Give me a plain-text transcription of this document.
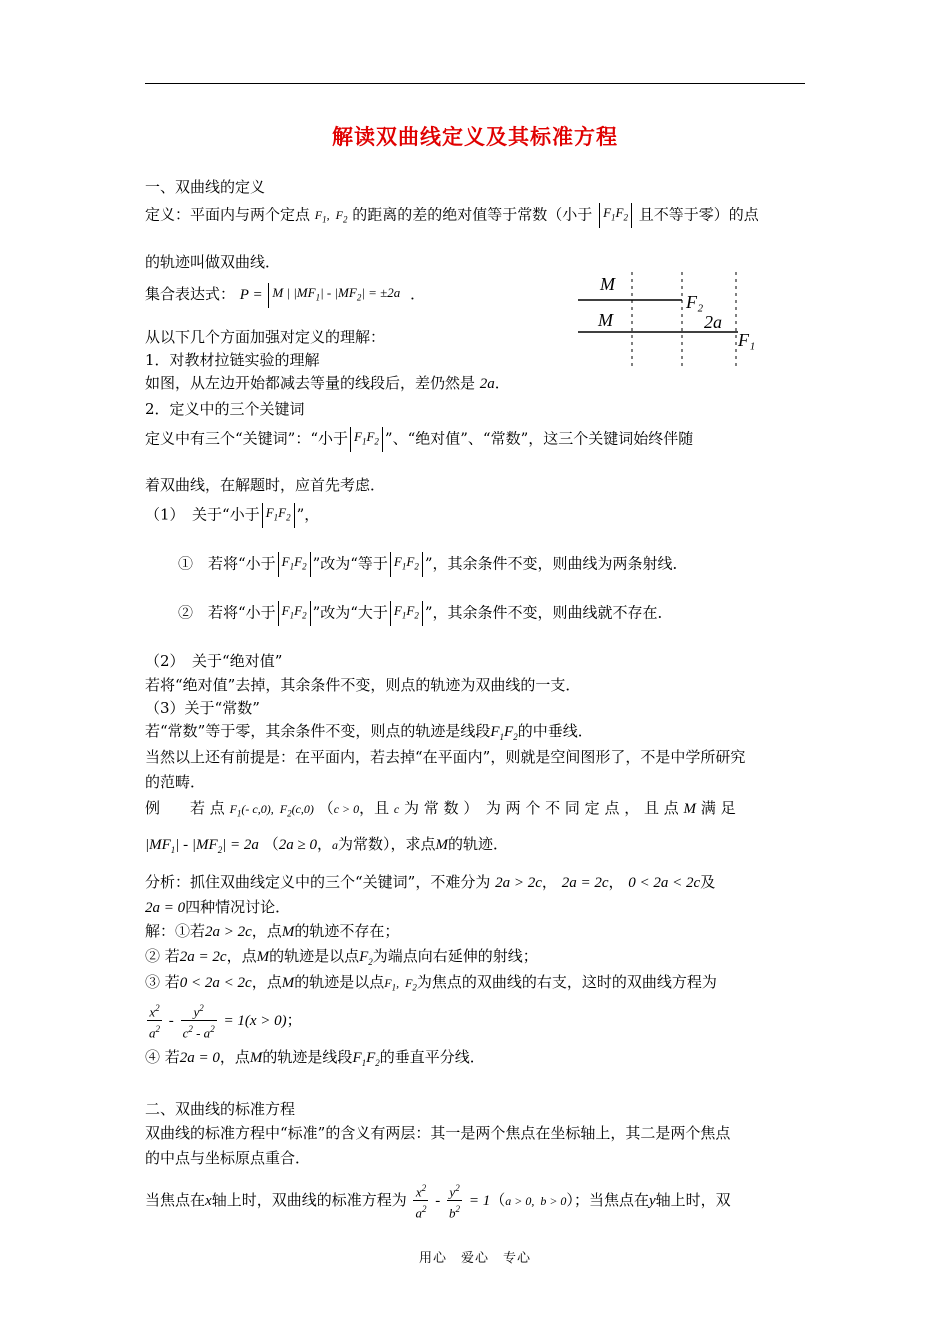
解读双曲线定义及其标准方程
一、双曲线的定义
定义：平面内与两个定点 $F_1$,  $F_2$ 的距离的差的绝对值等于常数（小于 $F_1F_2$ 且不等于零）的点
的轨迹叫做双曲线．
集合表达式： P = M | $|MF_1| - |MF_2| = \pm 2a$ ．
从以下几个方面加强对定义的理解：
1．对教材拉链实验的理解
如图，从左边开始都减去等量的线段后，差仍然是 2a．
2．定义中的三个关键词
定义中有三个“关键词”：“小于 $F_1F_2$ ”、“绝对值”、“常数”，这三个关键词始终伴随
着双曲线，在解题时，应首先考虑．
（1）　关于“小于 $F_1F_2$ ”，
①　若将“小于 $F_1F_2$ ”改为“等于 $F_1F_2$ ”，其余条件不变，则曲线为两条射线．
②　若将“小于 $F_1F_2$ ”改为“大于 $F_1F_2$ ”，其余条件不变，则曲线就不存在．
（2）　关于“绝对值”
若将“绝对值”去掉，其余条件不变，则点的轨迹为双曲线的一支．
（3）关于“常数”
若“常数”等于零，其余条件不变，则点的轨迹是线段$F_1F_2$的中垂线．
当然以上还有前提是：在平面内，若去掉“在平面内”，则就是空间图形了，不是中学所研究
的范畴．
例　　若 点 $F_1(-$ c,0),  $F_2(c,0) (c > 0$，且 c 为 常 数 ）　为 两 个 不 同 定 点 ， 且 点 M 满 足
$|MF_1| - |MF_2| = 2a$ （2a ≥ 0，a为常数），求点M的轨迹．
分析：抓住双曲线定义中的三个“关键词”，不难分为 2a > 2c， 2a = 2c， 0 < 2a < 2c及
2a = 0四种情况讨论．
解：①若2a > 2c，点M的轨迹不存在；
② 若2a = 2c，点M的轨迹是以点$F_2$为端点向右延伸的射线；
③ 若0 < 2a < 2c，点M的轨迹是以点$F_1$,  $F_2$为焦点的双曲线的右支，这时的双曲线方程为
$\frac{x^2}{a^2} - \frac{y^2}{c^2 - a^2} = 1(x > 0)$；
④ 若2a = 0，点M的轨迹是线段$F_1F_2$的垂直平分线．
二、双曲线的标准方程
双曲线的标准方程中“标准”的含义有两层：其一是两个焦点在坐标轴上，其二是两个焦点
的中点与坐标原点重合．
当焦点在x轴上时，双曲线的标准方程为 $\frac{x^2}{a^2} - \frac{y^2}{b^2} = 1(a > 0$,  b > 0）；当焦点在y轴上时，双
M
M
F₂
2a
F₁
用心　爱心　专心
